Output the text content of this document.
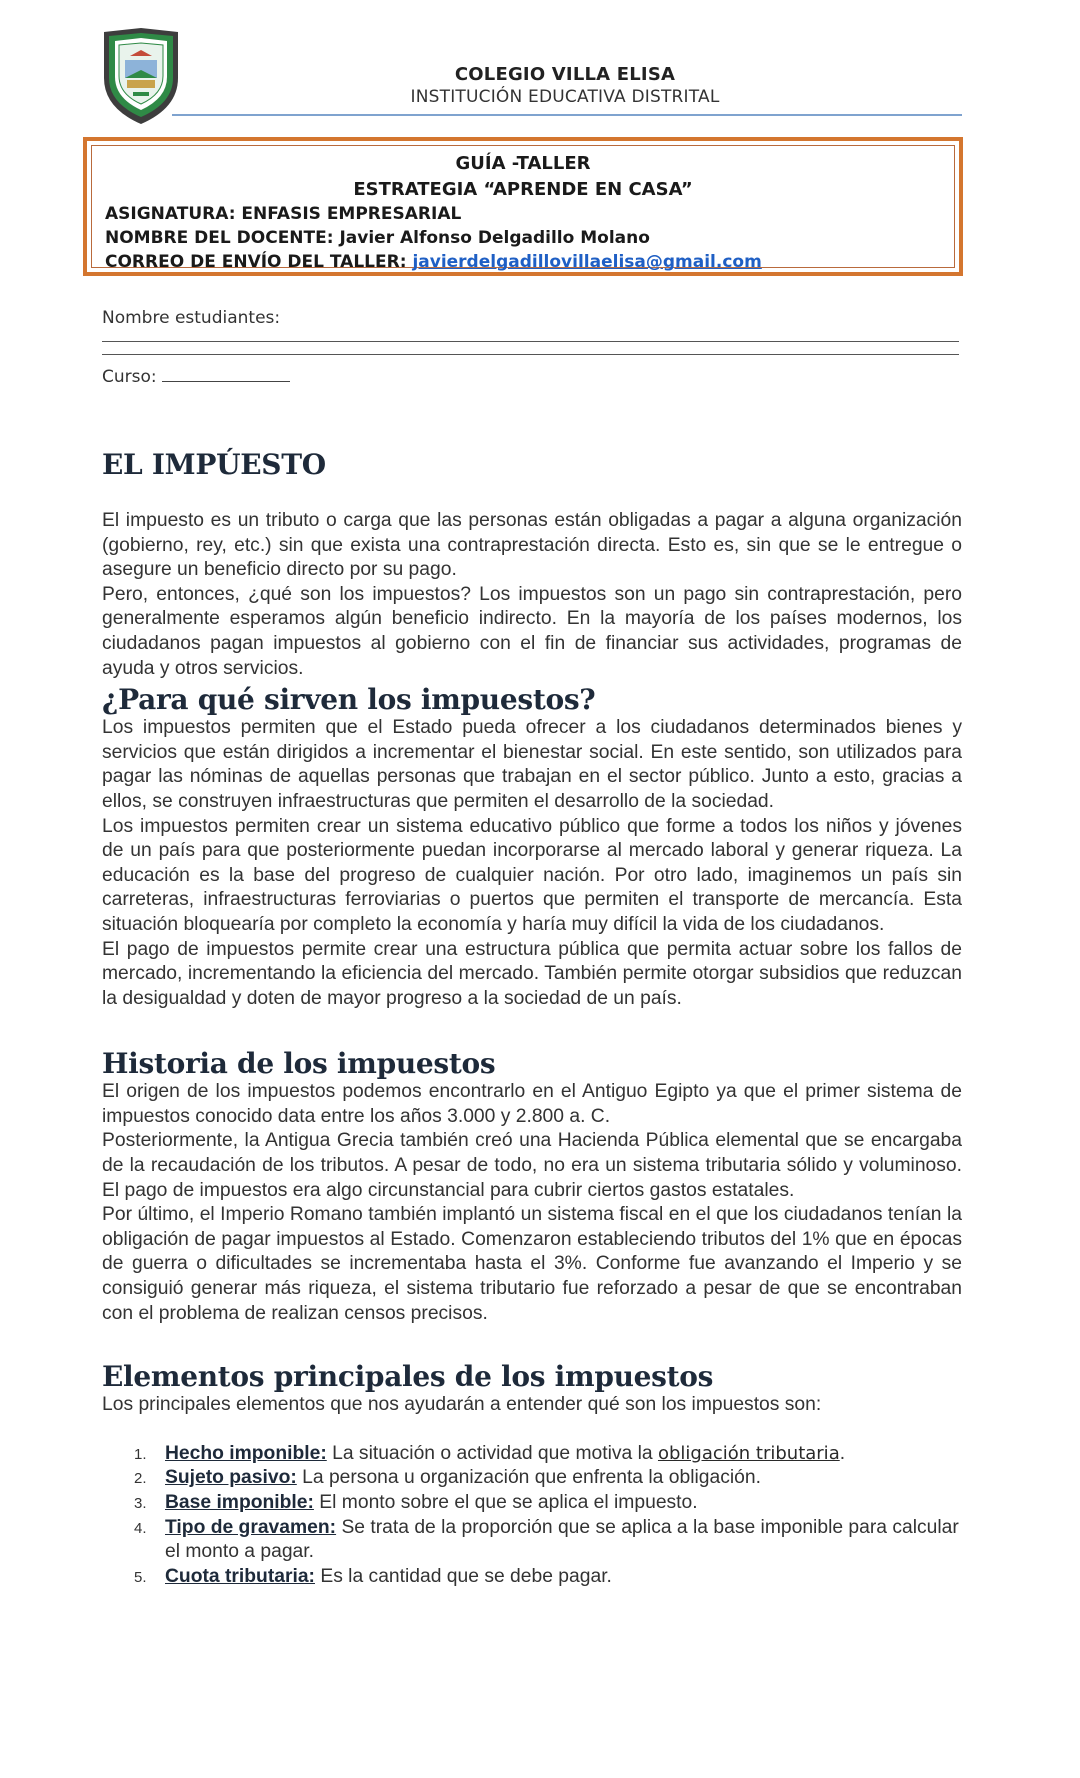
COLEGIO VILLA ELISA
INSTITUCIÓN EDUCATIVA DISTRITAL
GUÍA -TALLER
ESTRATEGIA “APRENDE EN CASA”
ASIGNATURA: ENFASIS EMPRESARIAL
NOMBRE DEL DOCENTE: Javier Alfonso Delgadillo Molano
CORREO DE ENVÍO DEL TALLER: javierdelgadillovillaelisa@gmail.com
Nombre estudiantes:
Curso:
EL IMPÚESTO

El impuesto es un tributo o carga que las personas están obligadas a pagar a alguna organización (gobierno, rey, etc.) sin que exista una contraprestación directa. Esto es, sin que se le entregue o asegure un beneficio directo por su pago.

Pero, entonces, ¿qué son los impuestos? Los impuestos son un pago sin contraprestación, pero generalmente esperamos algún beneficio indirecto. En la mayoría de los países modernos, los ciudadanos pagan impuestos al gobierno con el fin de financiar sus actividades, programas de ayuda y otros servicios.

¿Para qué sirven los impuestos?

Los impuestos permiten que el Estado pueda ofrecer a los ciudadanos determinados bienes y servicios que están dirigidos a incrementar el bienestar social. En este sentido, son utilizados para pagar las nóminas de aquellas personas que trabajan en el sector público. Junto a esto, gracias a ellos, se construyen infraestructuras que permiten el desarrollo de la sociedad.

Los impuestos permiten crear un sistema educativo público que forme a todos los niños y jóvenes de un país para que posteriormente puedan incorporarse al mercado laboral y generar riqueza. La educación es la base del progreso de cualquier nación. Por otro lado, imaginemos un país sin carreteras, infraestructuras ferroviarias o puertos que permiten el transporte de mercancía. Esta situación bloquearía por completo la economía y haría muy difícil la vida de los ciudadanos.

El pago de impuestos permite crear una estructura pública que permita actuar sobre los fallos de mercado, incrementando la eficiencia del mercado. También permite otorgar subsidios que reduzcan la desigualdad y doten de mayor progreso a la sociedad de un país.

Historia de los impuestos

El origen de los impuestos podemos encontrarlo en el Antiguo Egipto ya que el primer sistema de impuestos conocido data entre los años 3.000 y 2.800 a. C.

Posteriormente, la Antigua Grecia también creó una Hacienda Pública elemental que se encargaba de la recaudación de los tributos. A pesar de todo, no era un sistema tributaria sólido y voluminoso. El pago de impuestos era algo circunstancial para cubrir ciertos gastos estatales.

Por último, el Imperio Romano también implantó un sistema fiscal en el que los ciudadanos tenían la obligación de pagar impuestos al Estado. Comenzaron estableciendo tributos del 1% que en épocas de guerra o dificultades se incrementaba hasta el 3%. Conforme fue avanzando el Imperio y se consiguió generar más riqueza, el sistema tributario fue reforzado a pesar de que se encontraban con el problema de realizan censos precisos.

Elementos principales de los impuestos

Los principales elementos que nos ayudarán a entender qué son los impuestos son:

1. Hecho imponible: La situación o actividad que motiva la obligación tributaria.
2. Sujeto pasivo: La persona u organización que enfrenta la obligación.
3. Base imponible: El monto sobre el que se aplica el impuesto.
4. Tipo de gravamen: Se trata de la proporción que se aplica a la base imponible para calcular el monto a pagar.
5. Cuota tributaria: Es la cantidad que se debe pagar.
